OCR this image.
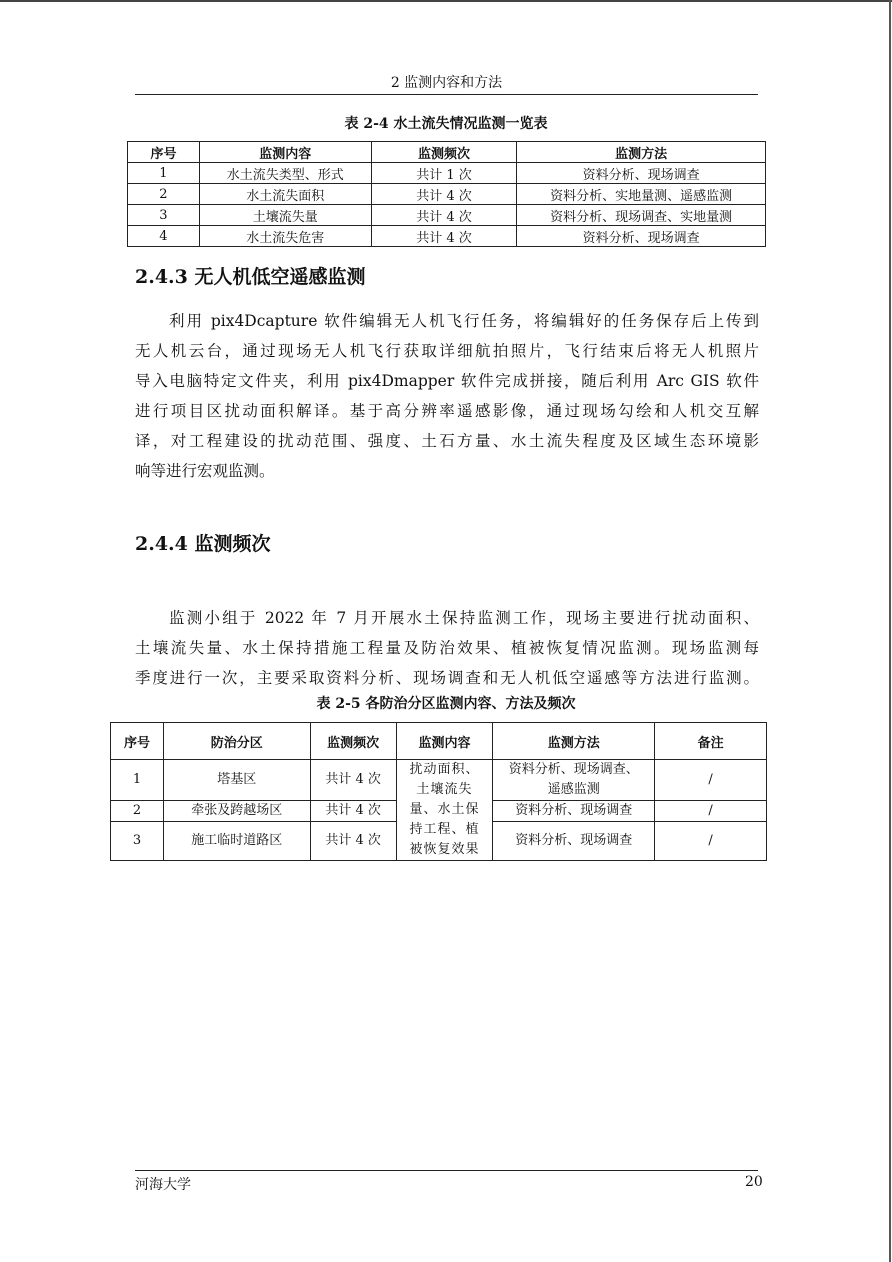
2 监测内容和方法
表 2-4 水土流失情况监测一览表
序号	监测内容	监测频次	监测方法
1	水土流失类型、形式	共计 1 次	资料分析、现场调查
2	水土流失面积	共计 4 次	资料分析、实地量测、遥感监测
3	土壤流失量	共计 4 次	资料分析、现场调查、实地量测
4	水土流失危害	共计 4 次	资料分析、现场调查
2.4.3 无人机低空遥感监测
利用 pix4Dcapture 软件编辑无人机飞行任务，将编辑好的任务保存后上传到
无人机云台，通过现场无人机飞行获取详细航拍照片，飞行结束后将无人机照片
导入电脑特定文件夹，利用 pix4Dmapper 软件完成拼接，随后利用 Arc GIS 软件
进行项目区扰动面积解译。基于高分辨率遥感影像，通过现场勾绘和人机交互解
译，对工程建设的扰动范围、强度、土石方量、水土流失程度及区域生态环境影
响等进行宏观监测。
2.4.4 监测频次
监测小组于 2022 年 7 月开展水土保持监测工作，现场主要进行扰动面积、
土壤流失量、水土保持措施工程量及防治效果、植被恢复情况监测。现场监测每
季度进行一次，主要采取资料分析、现场调查和无人机低空遥感等方法进行监测。
表 2-5 各防治分区监测内容、方法及频次
序号	防治分区	监测频次	监测内容	监测方法	备注
1	塔基区	共计 4 次	扰动面积、
土壤流失
量、水土保
持工程、植
被恢复效果	资料分析、现场调查、
遥感监测	/
2	牵张及跨越场区	共计 4 次		资料分析、现场调查	/
3	施工临时道路区	共计 4 次		资料分析、现场调查	/
河海大学	20
